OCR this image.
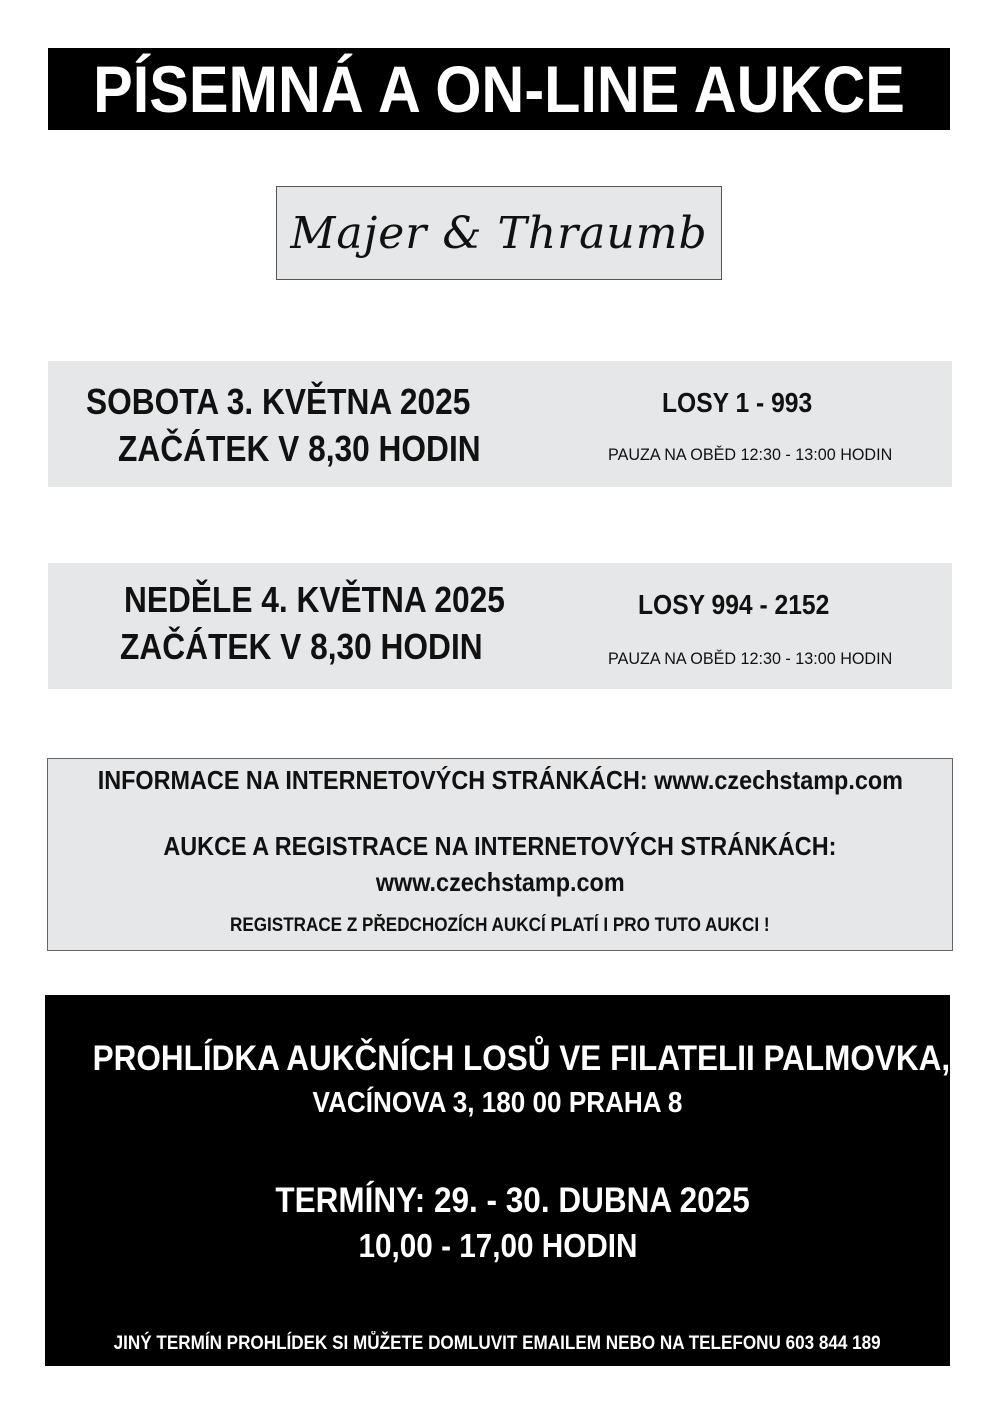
PÍSEMNÁ A ON-LINE AUKCE
Majer & Thraumb
SOBOTA 3. KVĚTNA 2025
ZAČÁTEK V 8,30 HODIN
LOSY 1 - 993
PAUZA NA OBĚD 12:30 - 13:00 HODIN
NEDĚLE 4. KVĚTNA 2025
ZAČÁTEK V 8,30 HODIN
LOSY 994 - 2152
PAUZA NA OBĚD 12:30 - 13:00 HODIN
INFORMACE NA INTERNETOVÝCH STRÁNKÁCH: www.czechstamp.com
AUKCE A REGISTRACE NA INTERNETOVÝCH STRÁNKÁCH:
www.czechstamp.com
REGISTRACE Z PŘEDCHOZÍCH AUKCÍ PLATÍ I PRO TUTO AUKCI !
PROHLÍDKA AUKČNÍCH LOSŮ VE FILATELII PALMOVKA,
VACÍNOVA 3, 180 00 PRAHA 8
TERMÍNY: 29. - 30. DUBNA 2025
10,00 - 17,00 HODIN
JINÝ TERMÍN PROHLÍDEK SI MŮŽETE DOMLUVIT EMAILEM NEBO NA TELEFONU 603 844 189
